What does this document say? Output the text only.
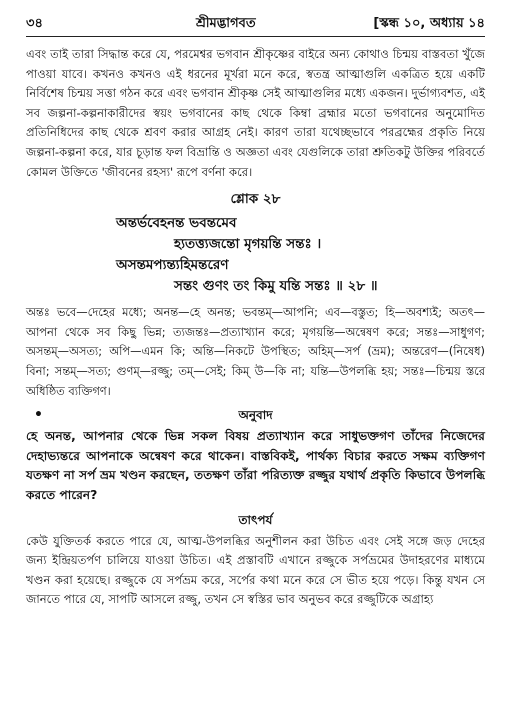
৩৪	শ্রীমদ্ভাগবত	[স্কন্ধ ১০, অধ্যায় ১৪

এবং তাই তারা সিদ্ধান্ত করে যে, পরমেশ্বর ভগবান শ্রীকৃষ্ণের বাইরে অন্য কোথাও চিন্ময় বাস্তবতা খুঁজে পাওয়া যাবে। কখনও কখনও এই ধরনের মূর্খরা মনে করে, স্বতন্ত্র আত্মাগুলি একত্রিত হয়ে একটি নির্বিশেষ চিন্ময় সত্তা গঠন করে এবং ভগবান শ্রীকৃষ্ণ সেই আত্মাগুলির মধ্যে একজন। দুর্ভাগ্যবশত, এই সব জল্পনা-কল্পনাকারীদের স্বয়ং ভগবানের কাছ থেকে কিম্বা ব্রহ্মার মতো ভগবানের অনুমোদিত প্রতিনিধিদের কাছ থেকে শ্রবণ করার আগ্রহ নেই। কারণ তারা যথেচ্ছভাবে পরব্রহ্মের প্রকৃতি নিয়ে জল্পনা-কল্পনা করে, যার চূড়ান্ত ফল বিভ্রান্তি ও অজ্ঞতা এবং যেগুলিকে তারা শ্রুতিকটু উক্তির পরিবর্তে কোমল উক্তিতে 'জীবনের রহস্য' রূপে বর্ণনা করে।

শ্লোক ২৮

অন্তর্ভবেহনন্ত ভবন্তমেব

হ্যতত্ত্যজন্তো মৃগয়ন্তি সন্তঃ ।

অসন্তমপ্যন্ত্যহিমন্তরেণ

সন্তং গুণং তং কিমু যন্তি সন্তঃ ॥ ২৮ ॥

অন্তঃ ভবে—দেহের মধ্যে; অনন্ত—হে অনন্ত; ভবন্তম্—আপনি; এব—বস্তুত; হি—অবশ্যই; অতৎ—আপনা থেকে সব কিছু ভিন্ন; ত্যজন্তঃ—প্রত্যাখ্যান করে; মৃগয়ন্তি—অন্বেষণ করে; সন্তঃ—সাধুগণ; অসন্তম্—অসত্য; অপি—এমন কি; অন্তি—নিকটে উপস্থিত; অহিম্—সর্প (ভ্রম); অন্তরেণ—(নিষেধ) বিনা; সন্তম্—সত্য; গুণম্—রজ্জু; তম্—সেই; কিম্ উ—কি না; যন্তি—উপলব্ধি হয়; সন্তঃ—চিন্ময় স্তরে অধিষ্ঠিত ব্যক্তিগণ।

•	অনুবাদ

হে অনন্ত, আপনার থেকে ভিন্ন সকল বিষয় প্রত্যাখ্যান করে সাধুভক্তগণ তাঁদের নিজেদের দেহাভ্যন্তরে আপনাকে অন্বেষণ করে থাকেন। বাস্তবিকই, পার্থক্য বিচার করতে সক্ষম ব্যক্তিগণ যতক্ষণ না সর্প ভ্রম খণ্ডন করছেন, ততক্ষণ তাঁরা পরিত্যক্ত রজ্জুর যথার্থ প্রকৃতি কিভাবে উপলব্ধি করতে পারেন?

তাৎপর্য

কেউ যুক্তিতর্ক করতে পারে যে, আত্ম-উপলব্ধির অনুশীলন করা উচিত এবং সেই সঙ্গে জড় দেহের জন্য ইন্দ্রিয়তর্পণ চালিয়ে যাওয়া উচিত। এই প্রস্তাবটি এখানে রজ্জুকে সর্পভ্রমের উদাহরণের মাধ্যমে খণ্ডন করা হয়েছে। রজ্জুকে যে সর্পভ্রম করে, সর্পের কথা মনে করে সে ভীত হয়ে পড়ে। কিন্তু যখন সে জানতে পারে যে, সাপটি আসলে রজ্জু, তখন সে স্বস্তির ভাব অনুভব করে রজ্জুটিকে অগ্রাহ্য
